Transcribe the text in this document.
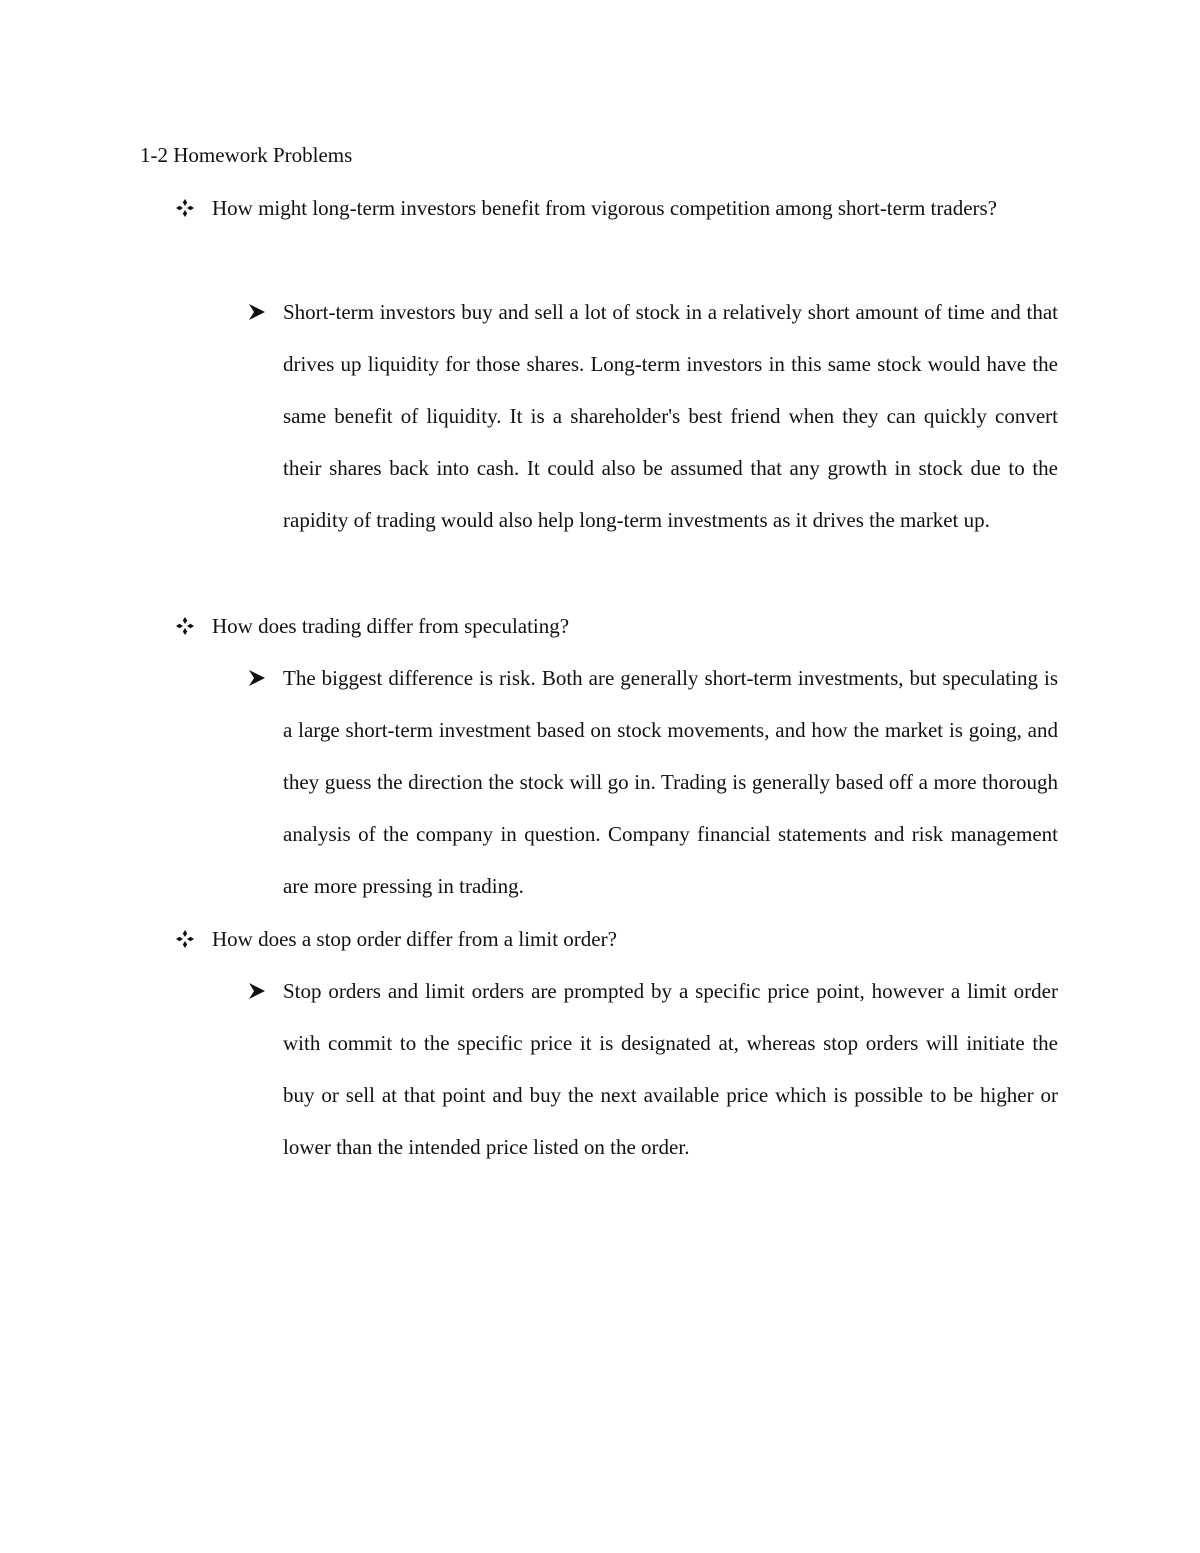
1-2 Homework Problems
How might long-term investors benefit from vigorous competition among short-term traders?
Short-term investors buy and sell a lot of stock in a relatively short amount of time and that drives up liquidity for those shares. Long-term investors in this same stock would have the same benefit of liquidity. It is a shareholder's best friend when they can quickly convert their shares back into cash. It could also be assumed that any growth in stock due to the rapidity of trading would also help long-term investments as it drives the market up.
How does trading differ from speculating?
The biggest difference is risk. Both are generally short-term investments, but speculating is a large short-term investment based on stock movements, and how the market is going, and they guess the direction the stock will go in. Trading is generally based off a more thorough analysis of the company in question. Company financial statements and risk management are more pressing in trading.
How does a stop order differ from a limit order?
Stop orders and limit orders are prompted by a specific price point, however a limit order with commit to the specific price it is designated at, whereas stop orders will initiate the buy or sell at that point and buy the next available price which is possible to be higher or lower than the intended price listed on the order.
